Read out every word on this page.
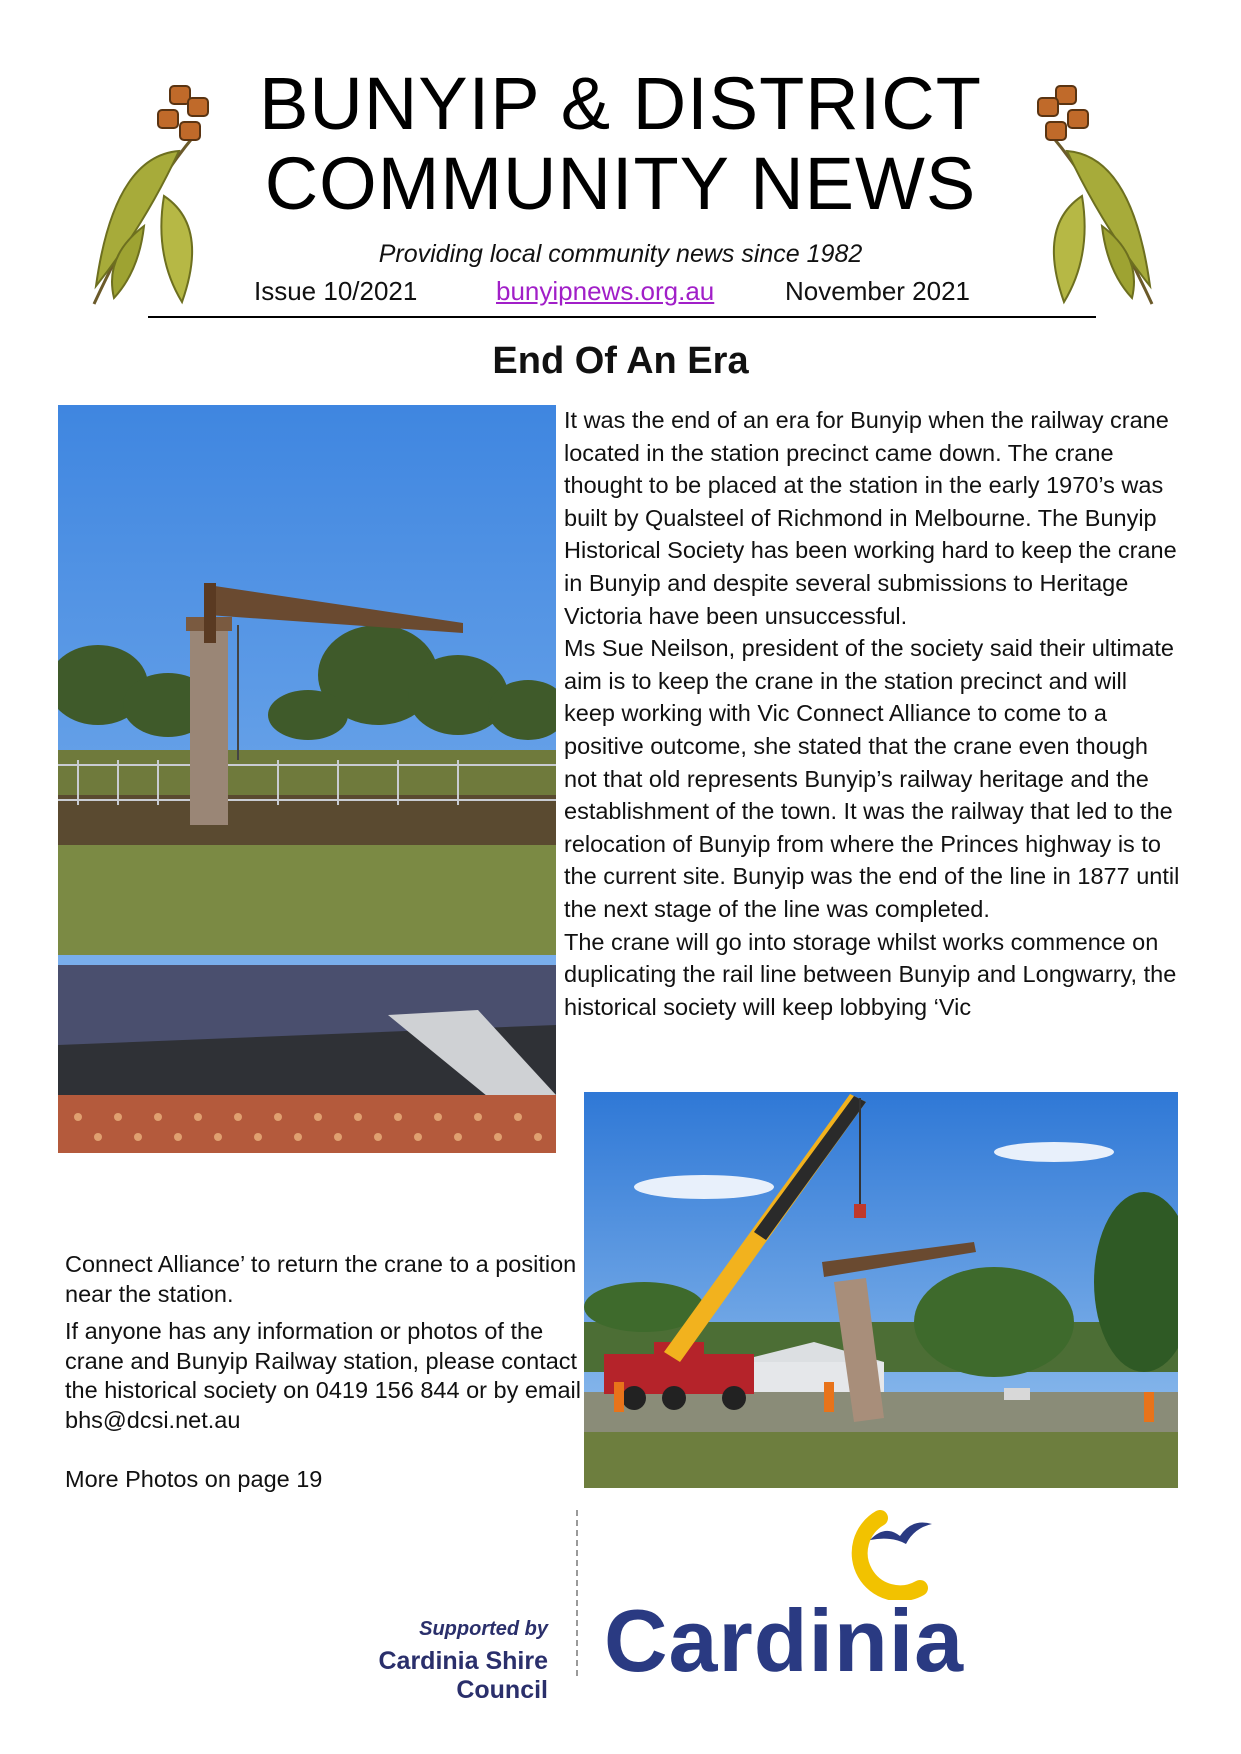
BUNYIP & DISTRICT
COMMUNITY NEWS
Providing local community news since 1982
Issue 10/2021	bunyipnews.org.au	November 2021
End Of An Era

It was the end of an era for Bunyip when the railway crane located in the station precinct came down. The crane thought to be placed at the station in the early 1970’s was built by Qualsteel of Richmond in Melbourne. The Bunyip Historical Society has been working hard to keep the crane in Bunyip and despite several submissions to Heritage Victoria have been unsuccessful.

Ms Sue Neilson, president of the society said their ultimate aim is to keep the crane in the station precinct and will keep working with Vic Connect Alliance to come to a positive outcome, she stated that the crane even though not that old represents Bunyip’s railway heritage and the establishment of the town. It was the railway that led to the relocation of Bunyip from where the Princes highway is to the current site. Bunyip was the end of the line in 1877 until the next stage of the line was completed.

The crane will go into storage whilst works commence on duplicating the rail line between Bunyip and Longwarry, the historical society will keep lobbying ‘Vic

Connect Alliance’ to return the crane to a position near the station.

If anyone has any information or photos of the crane and Bunyip Railway station, please contact the historical society on 0419 156 844 or by email bhs@dcsi.net.au

More Photos on page 19

Supported by
Cardinia Shire Council Cardinia
